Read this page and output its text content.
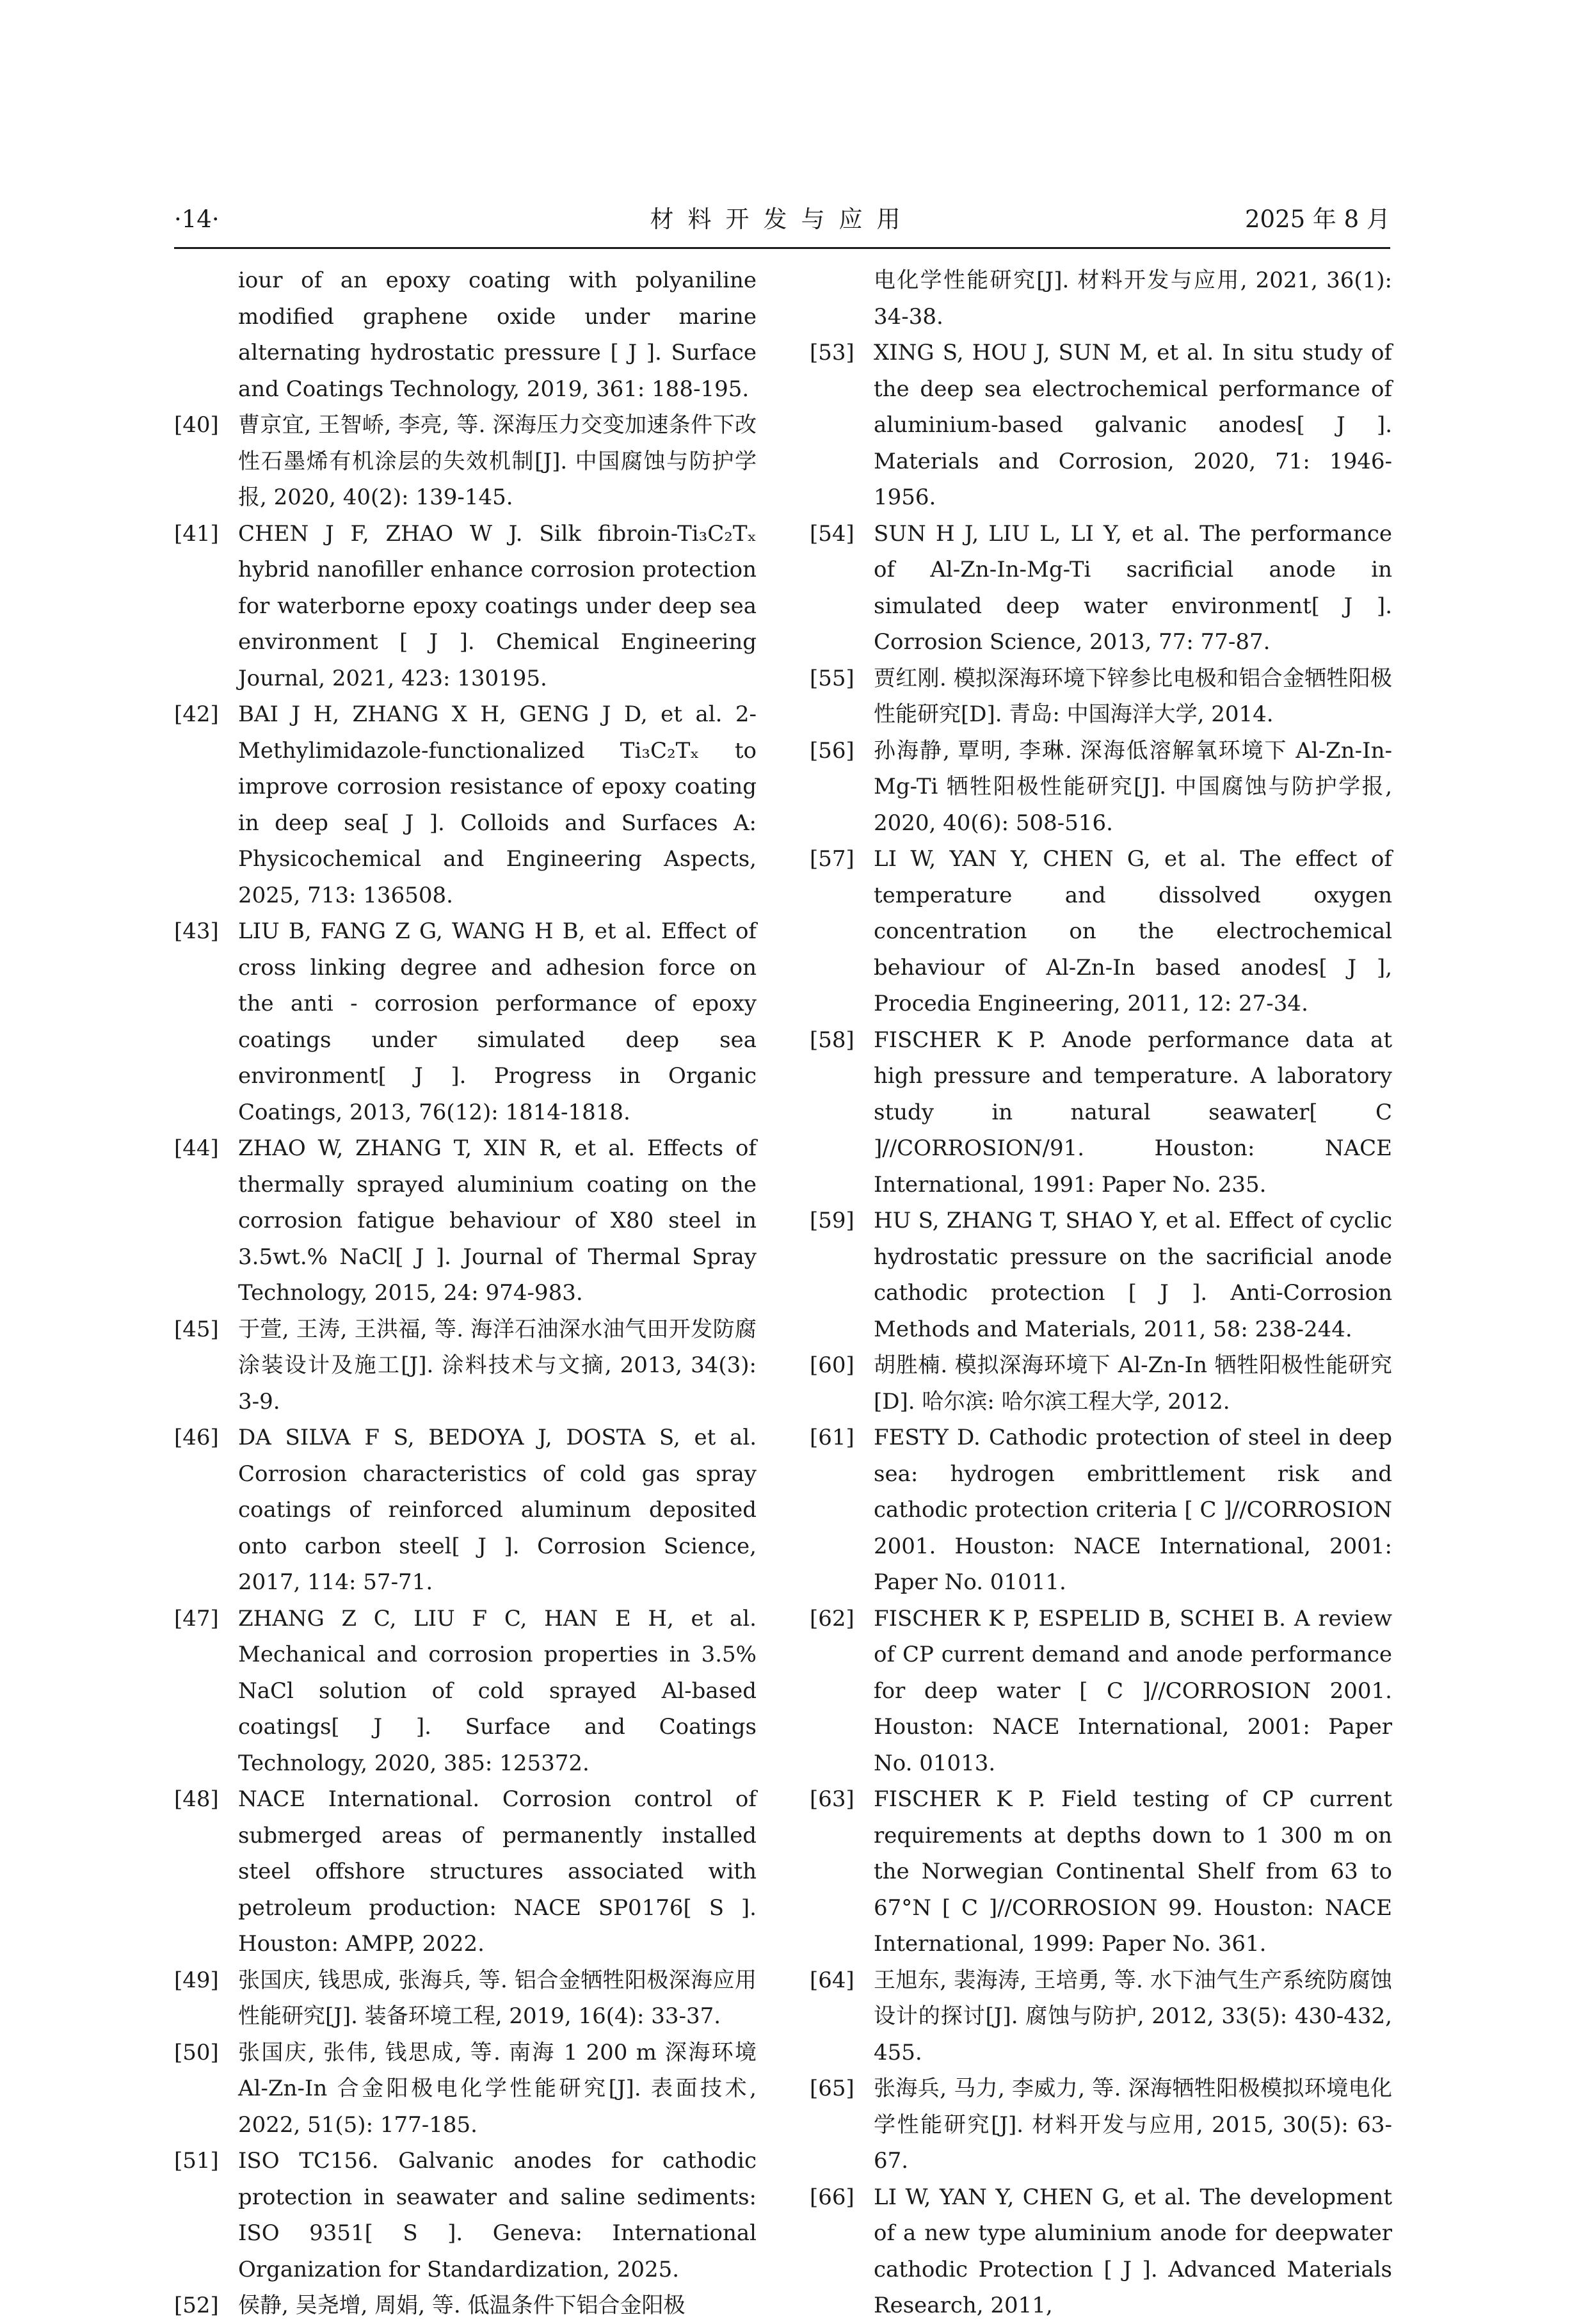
材料开发与应用
·14·	2025 年 8 月
iour of an epoxy coating with polyaniline modified graphene oxide under marine alternating hydrostatic pressure [ J ]. Surface and Coatings Technology, 2019, 361: 188-195.
[40] 曹京宜, 王智峤, 李亮, 等. 深海压力交变加速条件下改性石墨烯有机涂层的失效机制[J]. 中国腐蚀与防护学报, 2020, 40(2): 139-145.
[41] CHEN J F, ZHAO W J. Silk fibroin-Ti₃C₂Tₓ hybrid nanofiller enhance corrosion protection for waterborne epoxy coatings under deep sea environment [ J ]. Chemical Engineering Journal, 2021, 423: 130195.
[42] BAI J H, ZHANG X H, GENG J D, et al. 2-Methylimidazole-functionalized Ti₃C₂Tₓ to improve corrosion resistance of epoxy coating in deep sea[ J ]. Colloids and Surfaces A: Physicochemical and Engineering Aspects, 2025, 713: 136508.
[43] LIU B, FANG Z G, WANG H B, et al. Effect of cross linking degree and adhesion force on the anti - corrosion performance of epoxy coatings under simulated deep sea environment[ J ]. Progress in Organic Coatings, 2013, 76(12): 1814-1818.
[44] ZHAO W, ZHANG T, XIN R, et al. Effects of thermally sprayed aluminium coating on the corrosion fatigue behaviour of X80 steel in 3.5wt.% NaCl[ J ]. Journal of Thermal Spray Technology, 2015, 24: 974-983.
[45] 于萱, 王涛, 王洪福, 等. 海洋石油深水油气田开发防腐涂装设计及施工[J]. 涂料技术与文摘, 2013, 34(3): 3-9.
[46] DA SILVA F S, BEDOYA J, DOSTA S, et al. Corrosion characteristics of cold gas spray coatings of reinforced aluminum deposited onto carbon steel[ J ]. Corrosion Science, 2017, 114: 57-71.
[47] ZHANG Z C, LIU F C, HAN E H, et al. Mechanical and corrosion properties in 3.5% NaCl solution of cold sprayed Al-based coatings[ J ]. Surface and Coatings Technology, 2020, 385: 125372.
[48] NACE International. Corrosion control of submerged areas of permanently installed steel offshore structures associated with petroleum production: NACE SP0176[ S ]. Houston: AMPP, 2022.
[49] 张国庆, 钱思成, 张海兵, 等. 铝合金牺牲阳极深海应用性能研究[J]. 装备环境工程, 2019, 16(4): 33-37.
[50] 张国庆, 张伟, 钱思成, 等. 南海 1 200 m 深海环境 Al-Zn-In 合金阳极电化学性能研究[J]. 表面技术, 2022, 51(5): 177-185.
[51] ISO TC156. Galvanic anodes for cathodic protection in seawater and saline sediments: ISO 9351[ S ]. Geneva: International Organization for Standardization, 2025.
[52] 侯静, 吴尧增, 周娟, 等. 低温条件下铝合金阳极
电化学性能研究[J]. 材料开发与应用, 2021, 36(1): 34-38.
[53] XING S, HOU J, SUN M, et al. In situ study of the deep sea electrochemical performance of aluminium-based galvanic anodes[ J ]. Materials and Corrosion, 2020, 71: 1946-1956.
[54] SUN H J, LIU L, LI Y, et al. The performance of Al-Zn-In-Mg-Ti sacrificial anode in simulated deep water environment[ J ]. Corrosion Science, 2013, 77: 77-87.
[55] 贾红刚. 模拟深海环境下锌参比电极和铝合金牺牲阳极性能研究[D]. 青岛: 中国海洋大学, 2014.
[56] 孙海静, 覃明, 李琳. 深海低溶解氧环境下 Al-Zn-In-Mg-Ti 牺牲阳极性能研究[J]. 中国腐蚀与防护学报, 2020, 40(6): 508-516.
[57] LI W, YAN Y, CHEN G, et al. The effect of temperature and dissolved oxygen concentration on the electrochemical behaviour of Al-Zn-In based anodes[ J ], Procedia Engineering, 2011, 12: 27-34.
[58] FISCHER K P. Anode performance data at high pressure and temperature. A laboratory study in natural seawater[ C ]//CORROSION/91. Houston: NACE International, 1991: Paper No. 235.
[59] HU S, ZHANG T, SHAO Y, et al. Effect of cyclic hydrostatic pressure on the sacrificial anode cathodic protection [ J ]. Anti-Corrosion Methods and Materials, 2011, 58: 238-244.
[60] 胡胜楠. 模拟深海环境下 Al-Zn-In 牺牲阳极性能研究[D]. 哈尔滨: 哈尔滨工程大学, 2012.
[61] FESTY D. Cathodic protection of steel in deep sea: hydrogen embrittlement risk and cathodic protection criteria [ C ]//CORROSION 2001. Houston: NACE International, 2001: Paper No. 01011.
[62] FISCHER K P, ESPELID B, SCHEI B. A review of CP current demand and anode performance for deep water [ C ]//CORROSION 2001. Houston: NACE International, 2001: Paper No. 01013.
[63] FISCHER K P. Field testing of CP current requirements at depths down to 1 300 m on the Norwegian Continental Shelf from 63 to 67°N [ C ]//CORROSION 99. Houston: NACE International, 1999: Paper No. 361.
[64] 王旭东, 裴海涛, 王培勇, 等. 水下油气生产系统防腐蚀设计的探讨[J]. 腐蚀与防护, 2012, 33(5): 430-432, 455.
[65] 张海兵, 马力, 李威力, 等. 深海牺牲阳极模拟环境电化学性能研究[J]. 材料开发与应用, 2015, 30(5): 63-67.
[66] LI W, YAN Y, CHEN G, et al. The development of a new type aluminium anode for deepwater cathodic Protection [ J ]. Advanced Materials Research, 2011,
